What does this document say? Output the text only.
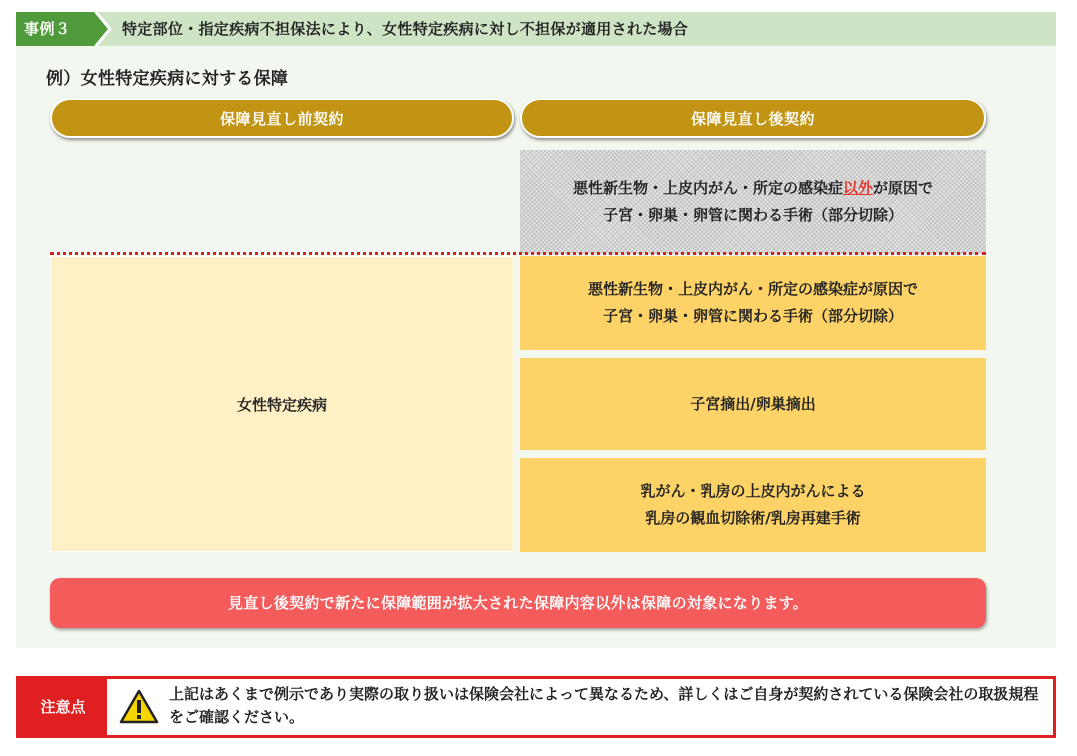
事例３	特定部位・指定疾病不担保法により、女性特定疾病に対し不担保が適用された場合
例）女性特定疾病に対する保障
保障見直し前契約	保障見直し後契約
悪性新生物・上皮内がん・所定の感染症以外が原因で
子宮・卵巣・卵管に関わる手術（部分切除）
女性特定疾病
悪性新生物・上皮内がん・所定の感染症が原因で
子宮・卵巣・卵管に関わる手術（部分切除）
子宮摘出/卵巣摘出
乳がん・乳房の上皮内がんによる
乳房の観血切除術/乳房再建手術
見直し後契約で新たに保障範囲が拡大された保障内容以外は保障の対象になります。
注意点
上記はあくまで例示であり実際の取り扱いは保険会社によって異なるため、詳しくはご自身が契約されている保険会社の取扱規程をご確認ください。
